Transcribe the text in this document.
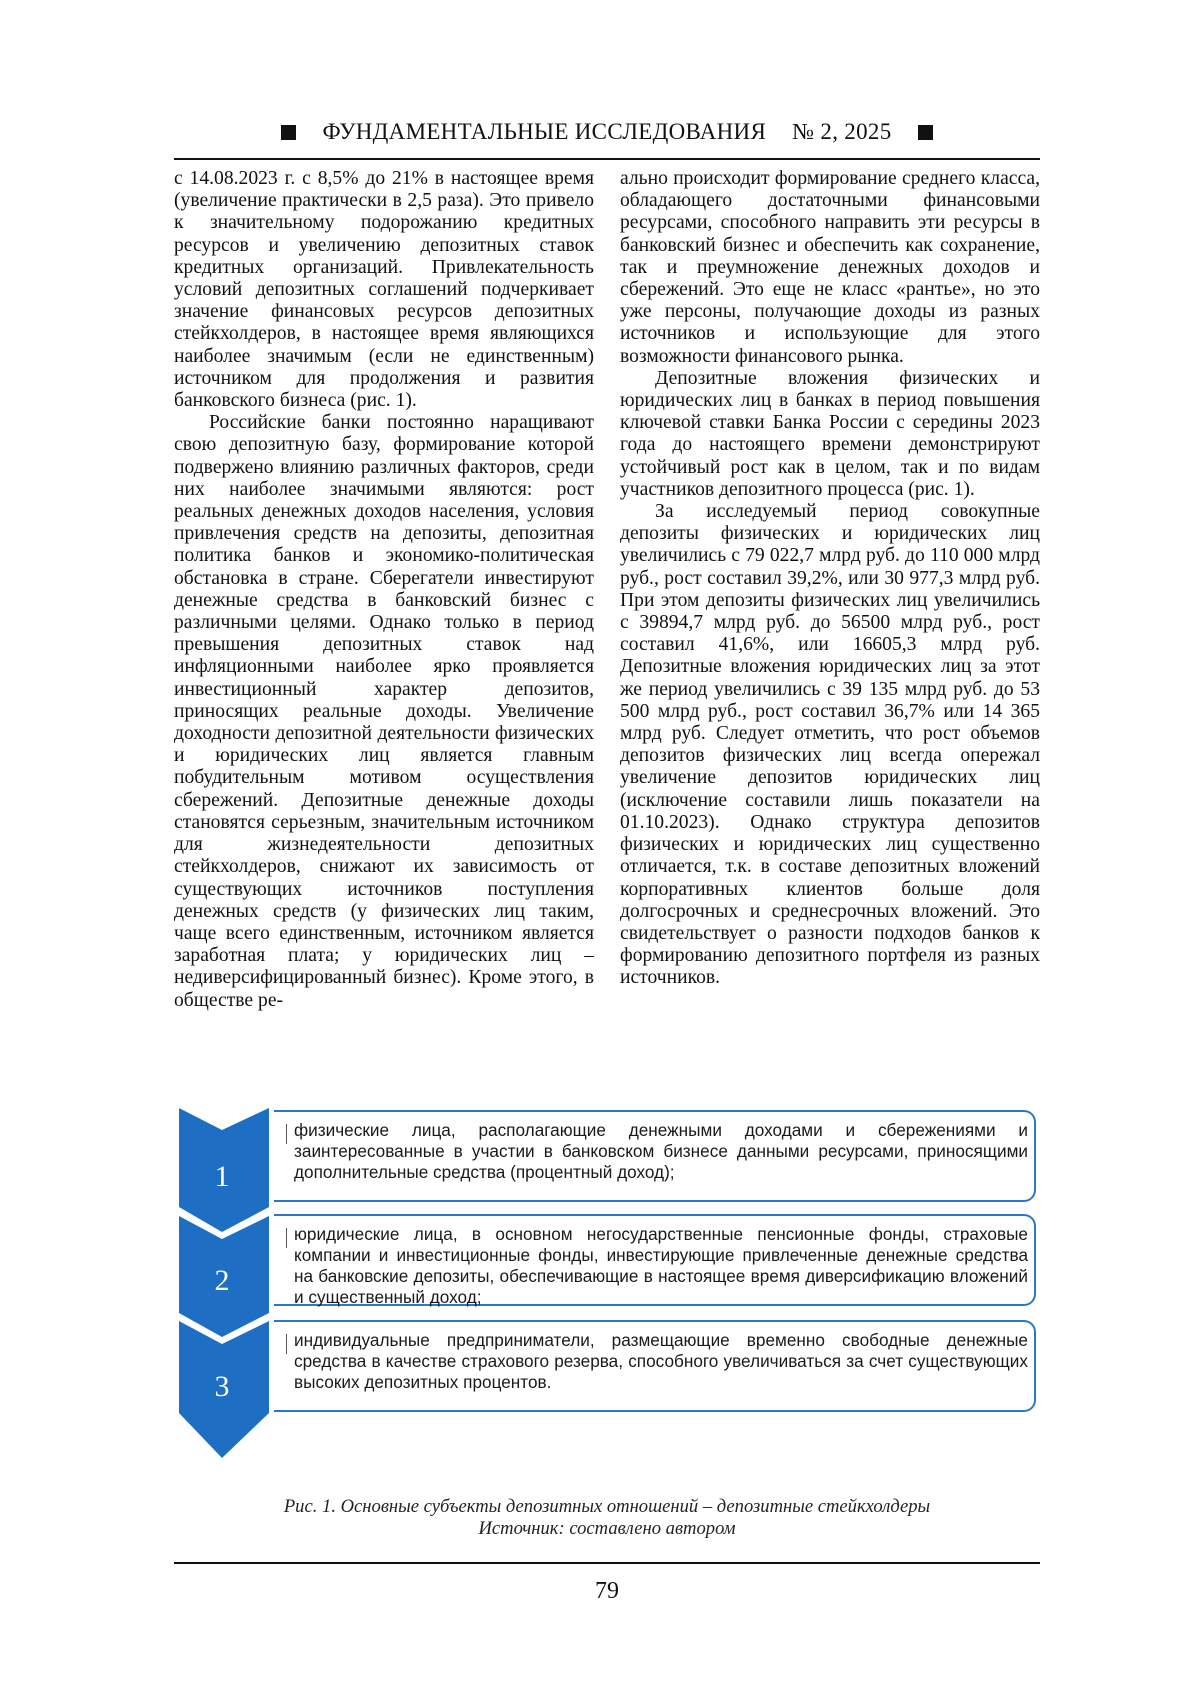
ФУНДАМЕНТАЛЬНЫЕ ИССЛЕДОВАНИЯ № 2, 2025

с 14.08.2023 г. с 8,5% до 21% в настоящее время (увеличение практически в 2,5 раза). Это привело к значительному подорожанию кредитных ресурсов и увеличению депозитных ставок кредитных организаций. Привлекательность условий депозитных соглашений подчеркивает значение финансовых ресурсов депозитных стейкхолдеров, в настоящее время являющихся наиболее значимым (если не единственным) источником для продолжения и развития банковского бизнеса (рис. 1).

Российские банки постоянно наращивают свою депозитную базу, формирование которой подвержено влиянию различных факторов, среди них наиболее значимыми являются: рост реальных денежных доходов населения, условия привлечения средств на депозиты, депозитная политика банков и экономико-политическая обстановка в стране. Сберегатели инвестируют денежные средства в банковский бизнес с различными целями. Однако только в период превышения депозитных ставок над инфляционными наиболее ярко проявляется инвестиционный характер депозитов, приносящих реальные доходы. Увеличение доходности депозитной деятельности физических и юридических лиц является главным побудительным мотивом осуществления сбережений. Депозитные денежные доходы становятся серьезным, значительным источником для жизнедеятельности депозитных стейкхолдеров, снижают их зависимость от существующих источников поступления денежных средств (у физических лиц таким, чаще всего единственным, источником является заработная плата; у юридических лиц – недиверсифицированный бизнес). Кроме этого, в обществе ре-

ально происходит формирование среднего класса, обладающего достаточными финансовыми ресурсами, способного направить эти ресурсы в банковский бизнес и обеспечить как сохранение, так и преумножение денежных доходов и сбережений. Это еще не класс «рантье», но это уже персоны, получающие доходы из разных источников и использующие для этого возможности финансового рынка.

Депозитные вложения физических и юридических лиц в банках в период повышения ключевой ставки Банка России с середины 2023 года до настоящего времени демонстрируют устойчивый рост как в целом, так и по видам участников депозитного процесса (рис. 1).

За исследуемый период совокупные депозиты физических и юридических лиц увеличились с 79 022,7 млрд руб. до 110 000 млрд руб., рост составил 39,2%, или 30 977,3 млрд руб. При этом депозиты физических лиц увеличились с 39894,7 млрд руб. до 56500 млрд руб., рост составил 41,6%, или 16605,3 млрд руб. Депозитные вложения юридических лиц за этот же период увеличились с 39 135 млрд руб. до 53 500 млрд руб., рост составил 36,7% или 14 365 млрд руб. Следует отметить, что рост объемов депозитов физических лиц всегда опережал увеличение депозитов юридических лиц (исключение составили лишь показатели на 01.10.2023). Однако структура депозитов физических и юридических лиц существенно отличается, т.к. в составе депозитных вложений корпоративных клиентов больше доля долгосрочных и среднесрочных вложений. Это свидетельствует о разности подходов банков к формированию депозитного портфеля из разных источников.

1
2
3
физические лица, располагающие денежными доходами и сбережениями и заинтересованные в участии в банковском бизнесе данными ресурсами, приносящими дополнительные средства (процентный доход);
юридические лица, в основном негосударственные пенсионные фонды, страховые компании и инвестиционные фонды, инвестирующие привлеченные денежные средства на банковские депозиты, обеспечивающие в настоящее время диверсификацию вложений и существенный доход;
индивидуальные предприниматели, размещающие временно свободные денежные средства в качестве страхового резерва, способного увеличиваться за счет существующих высоких депозитных процентов.
Рис. 1. Основные субъекты депозитных отношений – депозитные стейкхолдеры
Источник: составлено автором
79
